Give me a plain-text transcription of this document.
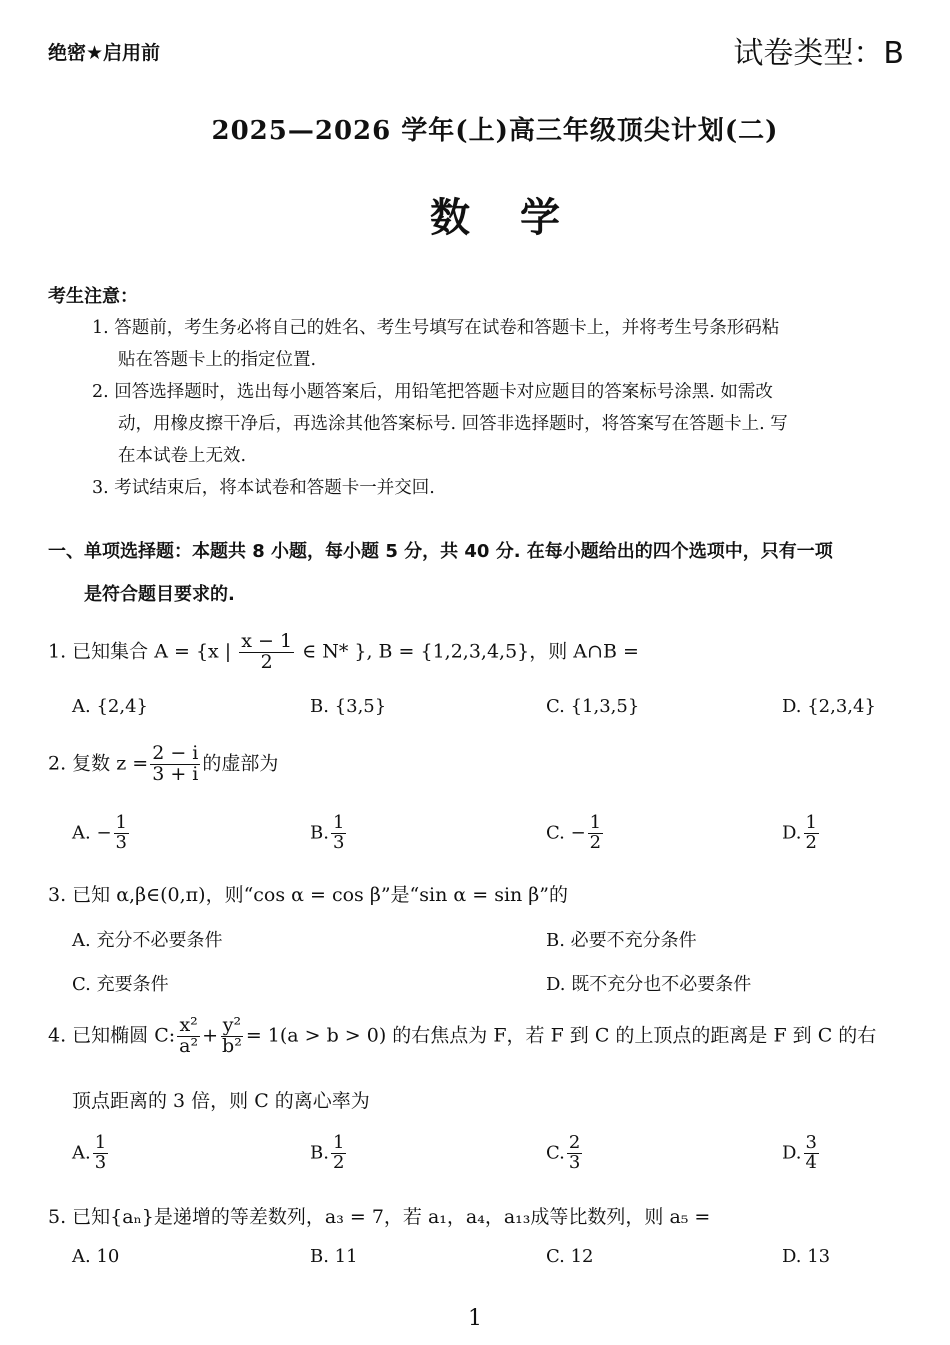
绝密★启用前	试卷类型：B
2025—2026 学年(上)高三年级顶尖计划(二)
数学
考生注意：
1. 答题前，考生务必将自己的姓名、考生号填写在试卷和答题卡上，并将考生号条形码粘
贴在答题卡上的指定位置.
2. 回答选择题时，选出每小题答案后，用铅笔把答题卡对应题目的答案标号涂黑. 如需改
动，用橡皮擦干净后，再选涂其他答案标号. 回答非选择题时，将答案写在答题卡上. 写
在本试卷上无效.
3. 考试结束后，将本试卷和答题卡一并交回.
一、单项选择题：本题共 8 小题，每小题 5 分，共 40 分. 在每小题给出的四个选项中，只有一项
是符合题目要求的.
1. 已知集合 A = {x | $\frac{x - 1}{2}$ ∈ N* }, B = {1,2,3,4,5}，则 A∩B =
A. {2,4}	B. {3,5}	C. {1,3,5}	D. {2,3,4}
2. 复数 $z = \frac{2 - i}{3 + i}$ 的虚部为
A. − $\frac{1}{3}$	B. $\frac{1}{3}$	C. − $\frac{1}{2}$	D. $\frac{1}{2}$
3. 已知 α,β∈(0,π)，则“cos α = cos β”是“sin α = sin β”的
A. 充分不必要条件	B. 必要不充分条件
C. 充要条件	D. 既不充分也不必要条件
4. 已知椭圆 C: $\frac{\text{x²}}{\text{a²}} + \frac{\text{y²}}{\text{b²}} = 1(a > b > 0)$ 的右焦点为 F，若 F 到 C 的上顶点的距离是 F 到 C 的右
顶点距离的 3 倍，则 C 的离心率为
A. $\frac{1}{3}$	B. $\frac{1}{2}$	C. $\frac{2}{3}$	D. $\frac{3}{4}$
5. 已知{aₙ}是递增的等差数列，a₃ = 7，若 a₁，a₄，a₁₃成等比数列，则 a₅ =
A. 10	B. 11	C. 12	D. 13
1
